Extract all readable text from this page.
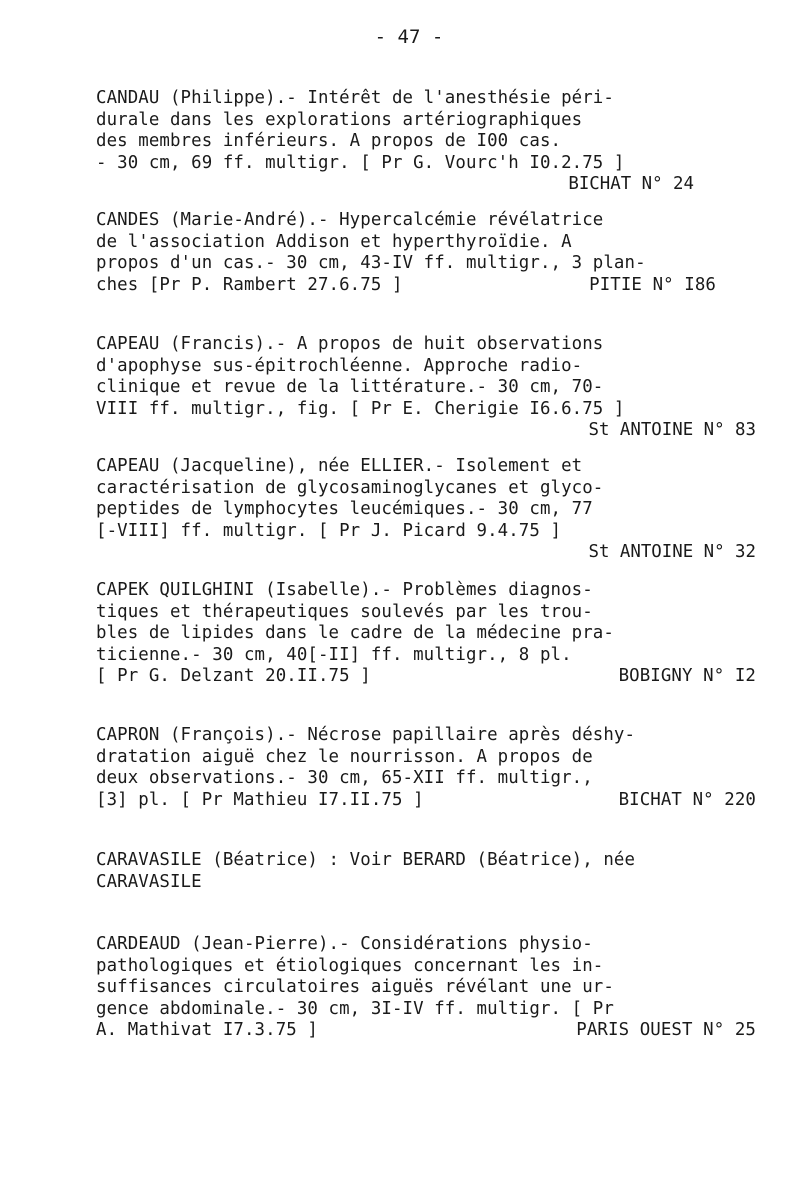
- 47 -
CANDAU (Philippe).- Intérêt de l'anesthésie péri-
durale dans les explorations artériographiques
des membres inférieurs. A propos de I00 cas.
- 30 cm, 69 ff. multigr. [ Pr G. Vourc'h I0.2.75 ]
BICHAT N° 24
CANDES (Marie-André).- Hypercalcémie révélatrice
de l'association Addison et hyperthyroïdie. A
propos d'un cas.- 30 cm, 43-IV ff. multigr., 3 plan-
ches [Pr P. Rambert 27.6.75 ]	PITIE N° I86
CAPEAU (Francis).- A propos de huit observations
d'apophyse sus-épitrochléenne. Approche radio-
clinique et revue de la littérature.- 30 cm, 70-
VIII ff. multigr., fig. [ Pr E. Cherigie I6.6.75 ]
St ANTOINE N° 83
CAPEAU (Jacqueline), née ELLIER.- Isolement et
caractérisation de glycosaminoglycanes et glyco-
peptides de lymphocytes leucémiques.- 30 cm, 77
[-VIII] ff. multigr. [ Pr J. Picard 9.4.75 ]
St ANTOINE N° 32
CAPEK QUILGHINI (Isabelle).- Problèmes diagnos-
tiques et thérapeutiques soulevés par les trou-
bles de lipides dans le cadre de la médecine pra-
ticienne.- 30 cm, 40[-II] ff. multigr., 8 pl.
[ Pr G. Delzant 20.II.75 ]	BOBIGNY N° I2
CAPRON (François).- Nécrose papillaire après déshy-
dratation aiguë chez le nourrisson. A propos de
deux observations.- 30 cm, 65-XII ff. multigr.,
[3] pl. [ Pr Mathieu I7.II.75 ]	BICHAT N° 220
CARAVASILE (Béatrice) : Voir BERARD (Béatrice), née
CARAVASILE
CARDEAUD (Jean-Pierre).- Considérations physio-
pathologiques et étiologiques concernant les in-
suffisances circulatoires aiguës révélant une ur-
gence abdominale.- 30 cm, 3I-IV ff. multigr. [ Pr
A. Mathivat I7.3.75 ]	PARIS OUEST N° 25
